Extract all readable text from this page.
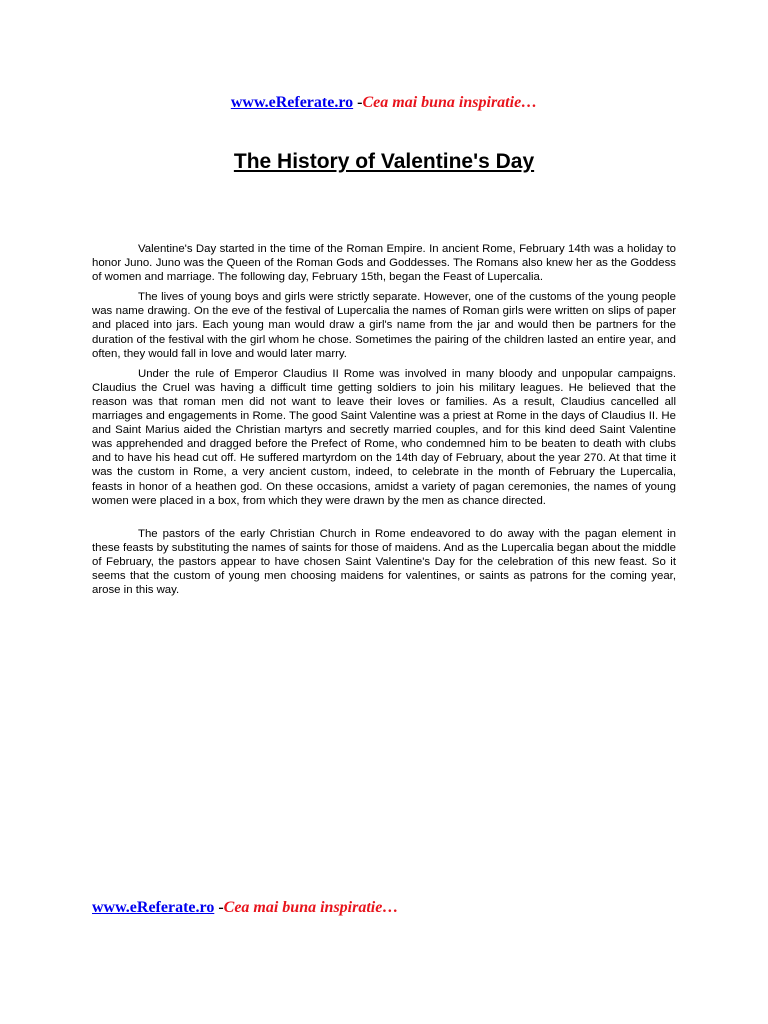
www.eReferate.ro -Cea mai buna inspiratie…
The History of Valentine's Day

Valentine's Day started in the time of the Roman Empire. In ancient Rome, February 14th was a holiday to honor Juno. Juno was the Queen of the Roman Gods and Goddesses. The Romans also knew her as the Goddess of women and marriage. The following day, February 15th, began the Feast of Lupercalia.

The lives of young boys and girls were strictly separate. However, one of the customs of the young people was name drawing. On the eve of the festival of Lupercalia the names of Roman girls were written on slips of paper and placed into jars. Each young man would draw a girl's name from the jar and would then be partners for the duration of the festival with the girl whom he chose. Sometimes the pairing of the children lasted an entire year, and often, they would fall in love and would later marry.

Under the rule of Emperor Claudius II Rome was involved in many bloody and unpopular campaigns. Claudius the Cruel was having a difficult time getting soldiers to join his military leagues. He believed that the reason was that roman men did not want to leave their loves or families. As a result, Claudius cancelled all marriages and engagements in Rome. The good Saint Valentine was a priest at Rome in the days of Claudius II. He and Saint Marius aided the Christian martyrs and secretly married couples, and for this kind deed Saint Valentine was apprehended and dragged before the Prefect of Rome, who condemned him to be beaten to death with clubs and to have his head cut off. He suffered martyrdom on the 14th day of February, about the year 270. At that time it was the custom in Rome, a very ancient custom, indeed, to celebrate in the month of February the Lupercalia, feasts in honor of a heathen god. On these occasions, amidst a variety of pagan ceremonies, the names of young women were placed in a box, from which they were drawn by the men as chance directed.

The pastors of the early Christian Church in Rome endeavored to do away with the pagan element in these feasts by substituting the names of saints for those of maidens. And as the Lupercalia began about the middle of February, the pastors appear to have chosen Saint Valentine's Day for the celebration of this new feast. So it seems that the custom of young men choosing maidens for valentines, or saints as patrons for the coming year, arose in this way.

www.eReferate.ro -Cea mai buna inspiratie…
